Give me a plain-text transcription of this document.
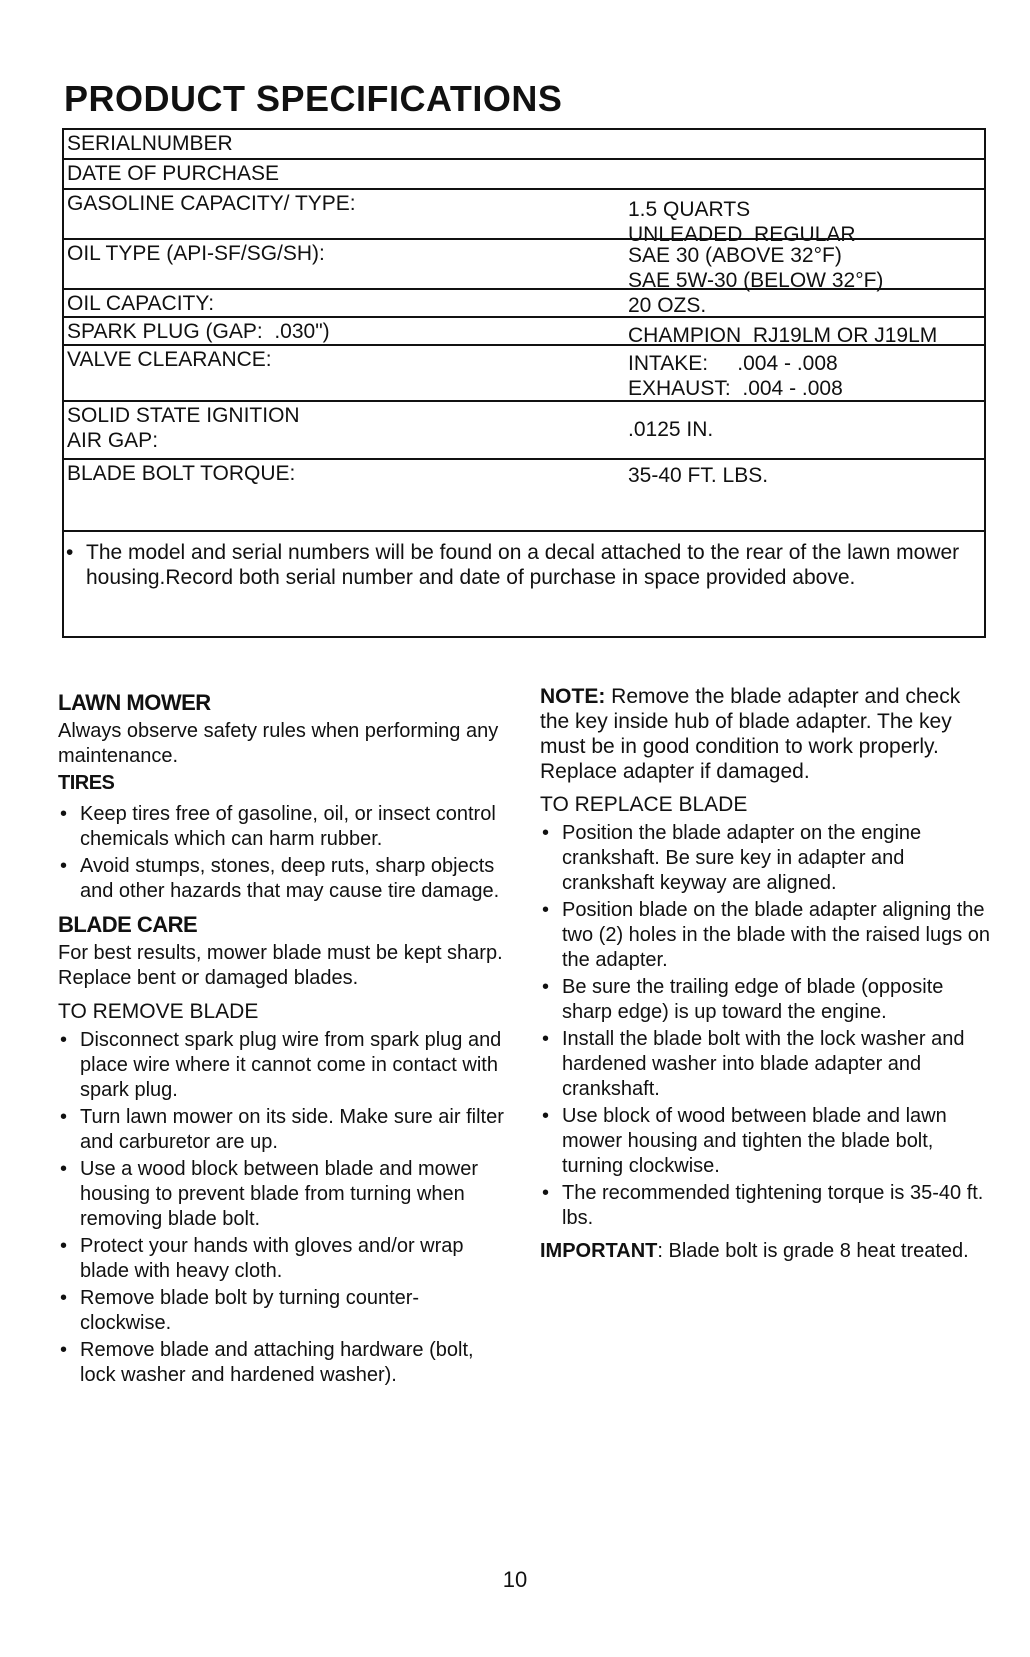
PRODUCT SPECIFICATIONS
SERIALNUMBER
DATE OF PURCHASE
GASOLINE CAPACITY/ TYPE:	1.5 QUARTS
UNLEADED  REGULAR
OIL TYPE (API-SF/SG/SH):	SAE 30 (ABOVE 32°F)
SAE 5W-30 (BELOW 32°F)
OIL CAPACITY:	20 OZS.
SPARK PLUG (GAP:  .030")	CHAMPION  RJ19LM OR J19LM
VALVE CLEARANCE:	INTAKE:     .004 - .008
EXHAUST:  .004 - .008
SOLID STATE IGNITION
AIR GAP:	.0125 IN.
BLADE BOLT TORQUE:	35-40 FT. LBS.
• The model and serial numbers will be found on a decal attached to the rear of the lawn mower housing.Record both serial number and date of purchase in space provided above.

LAWN MOWER

Always observe safety rules when performing any maintenance.

TIRES
• Keep tires free of gasoline, oil, or insect control chemicals which can harm rubber.
• Avoid stumps, stones, deep ruts, sharp objects and other hazards that may cause tire damage.
BLADE CARE

For best results, mower blade must be kept sharp. Replace bent or damaged blades.

TO REMOVE BLADE
• Disconnect spark plug wire from spark plug and place wire where it cannot come in contact with spark plug.
• Turn lawn mower on its side. Make sure air filter and carburetor are up.
• Use a wood block between blade and mower housing to prevent blade from turning when removing blade bolt.
• Protect your hands with gloves and/or wrap blade with heavy cloth.
• Remove blade bolt by turning counter-clockwise.
• Remove blade and attaching hardware (bolt, lock washer and hardened washer).

NOTE: Remove the blade adapter and check the key inside hub of blade adapter. The key must be in good condition to work properly. Replace adapter if damaged.

TO REPLACE BLADE
• Position the blade adapter on the engine crankshaft. Be sure key in adapter and crankshaft keyway are aligned.
• Position blade on the blade adapter aligning the two (2) holes in the blade with the raised lugs on the adapter.
• Be sure the trailing edge of blade (opposite sharp edge) is up toward the engine.
• Install the blade bolt with the lock washer and hardened washer into blade adapter and crankshaft.
• Use block of wood between blade and lawn mower housing and tighten the blade bolt, turning clockwise.
• The recommended tightening torque is 35-40 ft. lbs.

IMPORTANT: Blade bolt is grade 8 heat treated.

10
